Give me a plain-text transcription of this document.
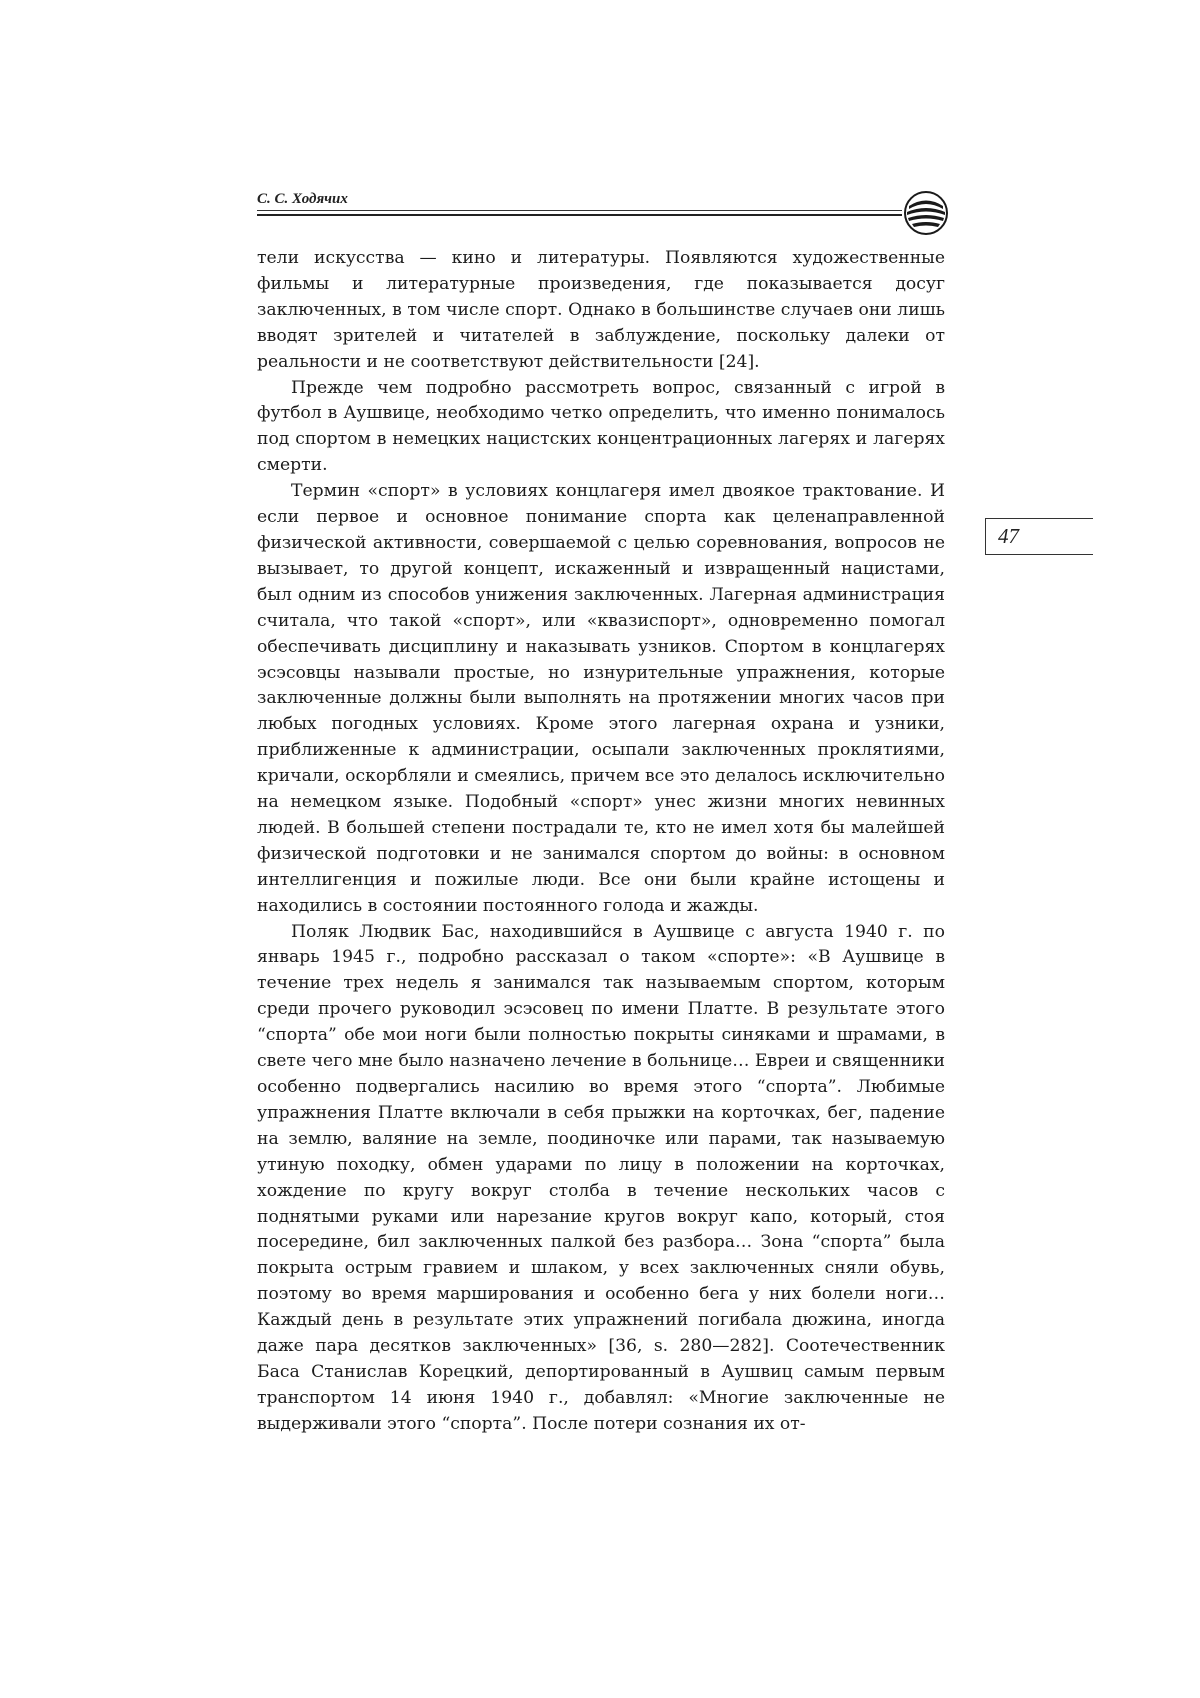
С. С. Ходячих
47

тели искусства — кино и литературы. Появляются художественные фильмы и литературные произведения, где показывается досуг заключенных, в том числе спорт. Однако в большинстве случаев они лишь вводят зрителей и читателей в заблуждение, поскольку далеки от реальности и не соответствуют действительности [24].

Прежде чем подробно рассмотреть вопрос, связанный с игрой в футбол в Аушвице, необходимо четко определить, что именно понималось под спортом в немецких нацистских концентрационных лагерях и лагерях смерти.

Термин «спорт» в условиях концлагеря имел двоякое трактование. И если первое и основное понимание спорта как целенаправленной физической активности, совершаемой с целью соревнования, вопросов не вызывает, то другой концепт, искаженный и извращенный нацистами, был одним из способов унижения заключенных. Лагерная администрация считала, что такой «спорт», или «квазиспорт», одновременно помогал обеспечивать дисциплину и наказывать узников. Спортом в концлагерях эсэсовцы называли простые, но изнурительные упражнения, которые заключенные должны были выполнять на протяжении многих часов при любых погодных условиях. Кроме этого лагерная охрана и узники, приближенные к администрации, осыпали заключенных проклятиями, кричали, оскорбляли и смеялись, причем все это делалось исключительно на немецком языке. Подобный «спорт» унес жизни многих невинных людей. В большей степени пострадали те, кто не имел хотя бы малейшей физической подготовки и не занимался спортом до войны: в основном интеллигенция и пожилые люди. Все они были крайне истощены и находились в состоянии постоянного голода и жажды.

Поляк Людвик Бас, находившийся в Аушвице с августа 1940 г. по январь 1945 г., подробно рассказал о таком «спорте»: «В Аушвице в течение трех недель я занимался так называемым спортом, которым среди прочего руководил эсэсовец по имени Платте. В результате этого “спорта” обе мои ноги были полностью покрыты синяками и шрамами, в свете чего мне было назначено лечение в больнице… Евреи и священники особенно подвергались насилию во время этого “спорта”. Любимые упражнения Платте включали в себя прыжки на корточках, бег, падение на землю, валяние на земле, поодиночке или парами, так называемую утиную походку, обмен ударами по лицу в положении на корточках, хождение по кругу вокруг столба в течение нескольких часов с поднятыми руками или нарезание кругов вокруг капо, который, стоя посередине, бил заключенных палкой без разбора… Зона “спорта” была покрыта острым гравием и шлаком, у всех заключенных сняли обувь, поэтому во время марширования и особенно бега у них болели ноги… Каждый день в результате этих упражнений погибала дюжина, иногда даже пара десятков заключенных» [36, s. 280—282]. Соотечественник Баса Станислав Корецкий, депортированный в Аушвиц самым первым транспортом 14 июня 1940 г., добавлял: «Многие заключенные не выдерживали этого “спорта”. После потери сознания их от-
